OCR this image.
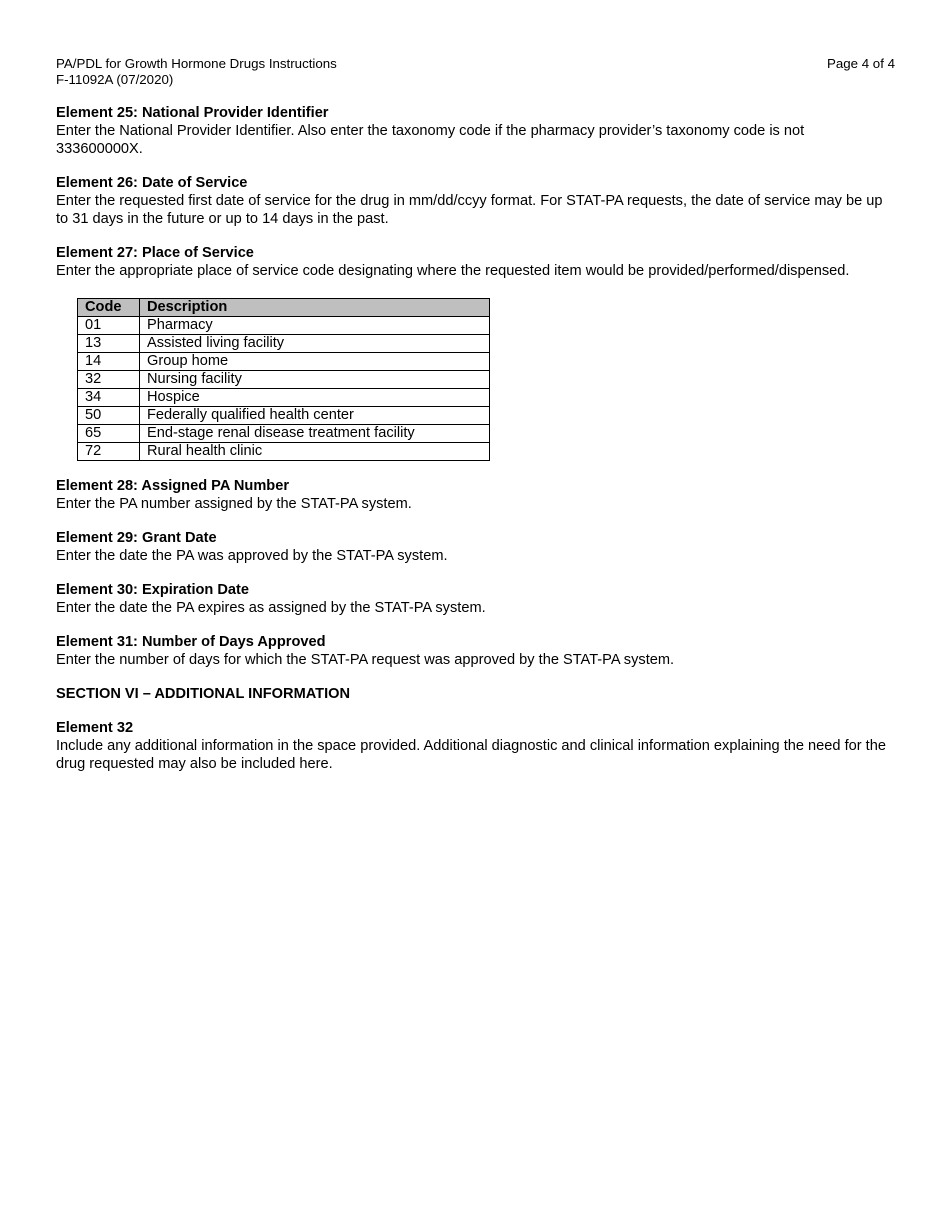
PA/PDL for Growth Hormone Drugs Instructions
F-11092A (07/2020)
Page 4 of 4
Element 25: National Provider Identifier

Enter the National Provider Identifier. Also enter the taxonomy code if the pharmacy provider’s taxonomy code is not 333600000X.

Element 26: Date of Service

Enter the requested first date of service for the drug in mm/dd/ccyy format. For STAT-PA requests, the date of service may be up to 31 days in the future or up to 14 days in the past.

Element 27: Place of Service

Enter the appropriate place of service code designating where the requested item would be provided/performed/dispensed.

Code	Description
01	Pharmacy
13	Assisted living facility
14	Group home
32	Nursing facility
34	Hospice
50	Federally qualified health center
65	End-stage renal disease treatment facility
72	Rural health clinic
Element 28: Assigned PA Number

Enter the PA number assigned by the STAT-PA system.

Element 29: Grant Date

Enter the date the PA was approved by the STAT-PA system.

Element 30: Expiration Date

Enter the date the PA expires as assigned by the STAT-PA system.

Element 31: Number of Days Approved

Enter the number of days for which the STAT-PA request was approved by the STAT-PA system.

SECTION VI – ADDITIONAL INFORMATION
Element 32

Include any additional information in the space provided. Additional diagnostic and clinical information explaining the need for the drug requested may also be included here.
